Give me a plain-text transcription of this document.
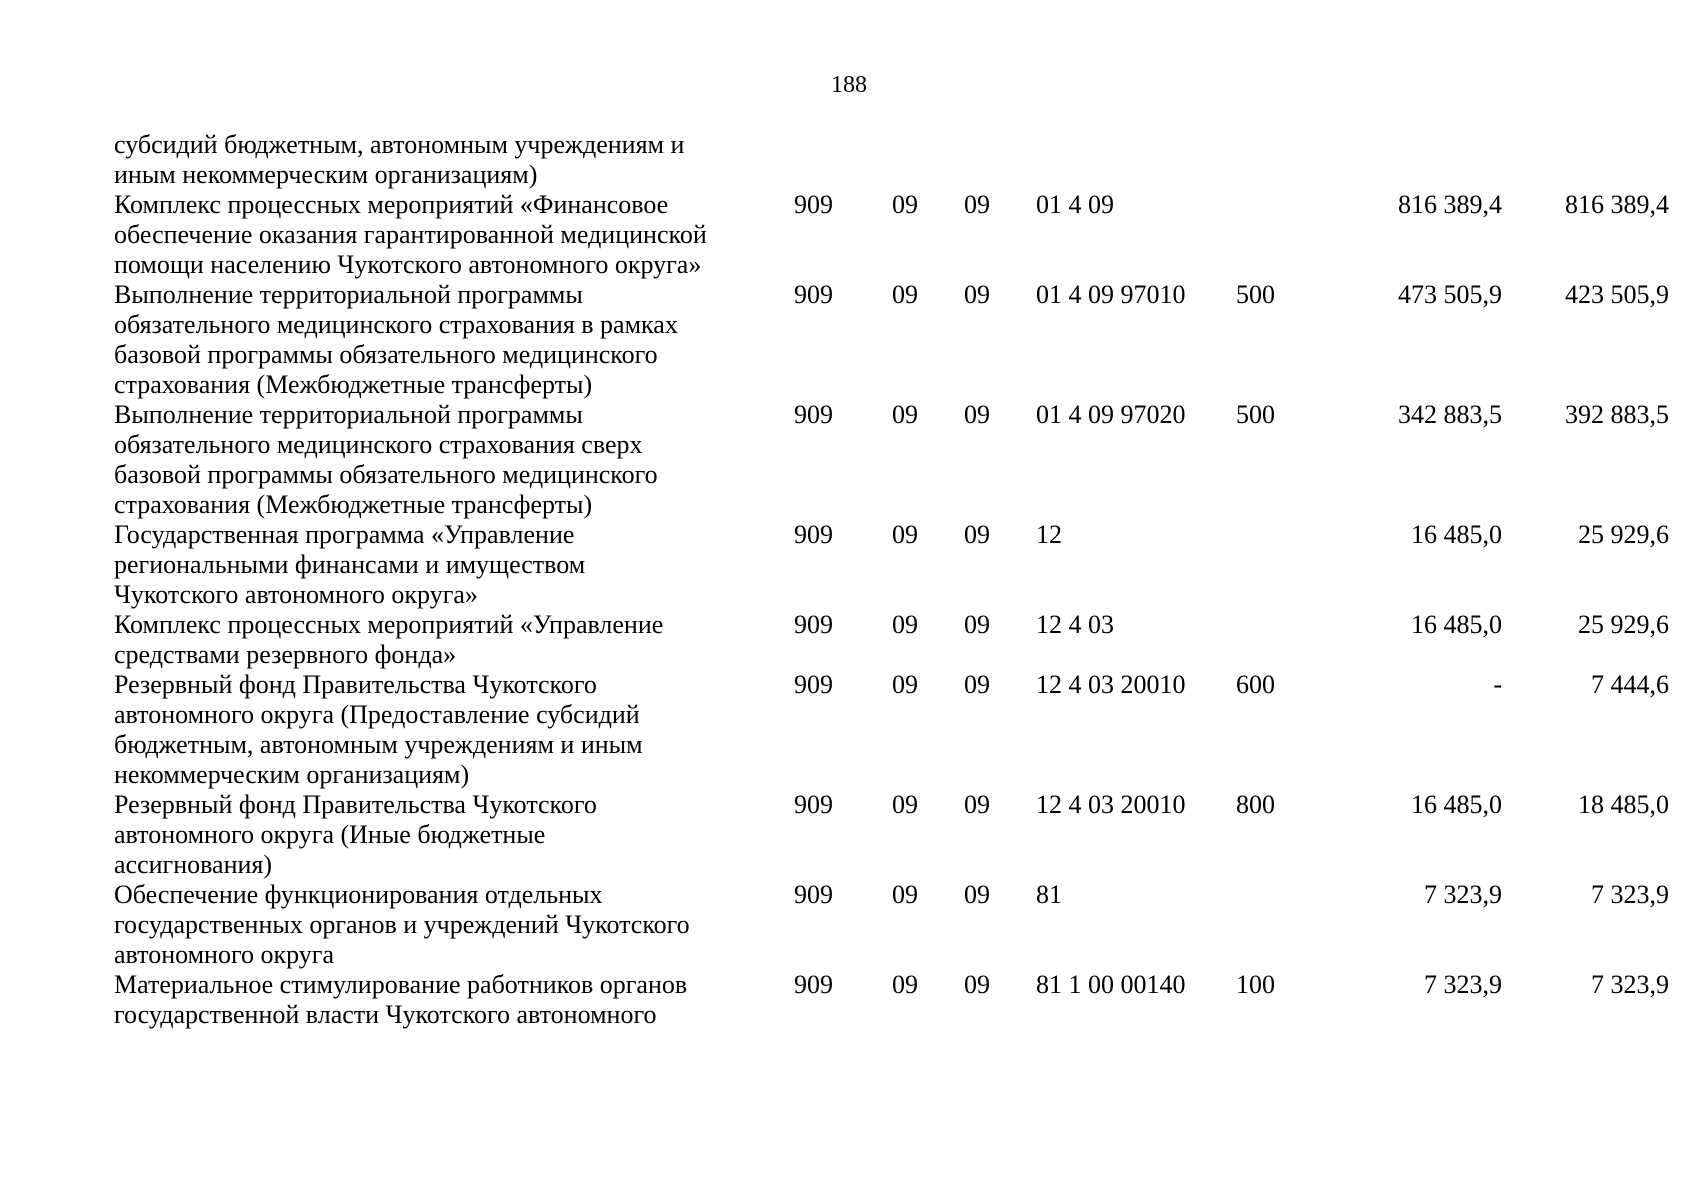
188
субсидий бюджетным, автономным учреждениям и
иным некоммерческим организациям)							

Комплекс процессных мероприятий «Финансовое
обеспечение оказания гарантированной медицинской
помощи населению Чукотского автономного округа»	909	09	09	01 4 09		816 389,4	816 389,4

Выполнение территориальной программы
обязательного медицинского страхования в рамках
базовой программы обязательного медицинского
страхования (Межбюджетные трансферты)	909	09	09	01 4 09 97010	500	473 505,9	423 505,9

Выполнение территориальной программы
обязательного медицинского страхования сверх
базовой программы обязательного медицинского
страхования (Межбюджетные трансферты)	909	09	09	01 4 09 97020	500	342 883,5	392 883,5

Государственная программа «Управление
региональными финансами и имуществом
Чукотского автономного округа»	909	09	09	12		16 485,0	25 929,6

Комплекс процессных мероприятий «Управление
средствами резервного фонда»	909	09	09	12 4 03		16 485,0	25 929,6

Резервный фонд Правительства Чукотского
автономного округа (Предоставление субсидий
бюджетным, автономным учреждениям и иным
некоммерческим организациям)	909	09	09	12 4 03 20010	600	-	7 444,6

Резервный фонд Правительства Чукотского
автономного округа (Иные бюджетные
ассигнования)	909	09	09	12 4 03 20010	800	16 485,0	18 485,0

Обеспечение функционирования отдельных
государственных органов и учреждений Чукотского
автономного округа	909	09	09	81		7 323,9	7 323,9

Материальное стимулирование работников органов
государственной власти Чукотского автономного	909	09	09	81 1 00 00140	100	7 323,9	7 323,9
